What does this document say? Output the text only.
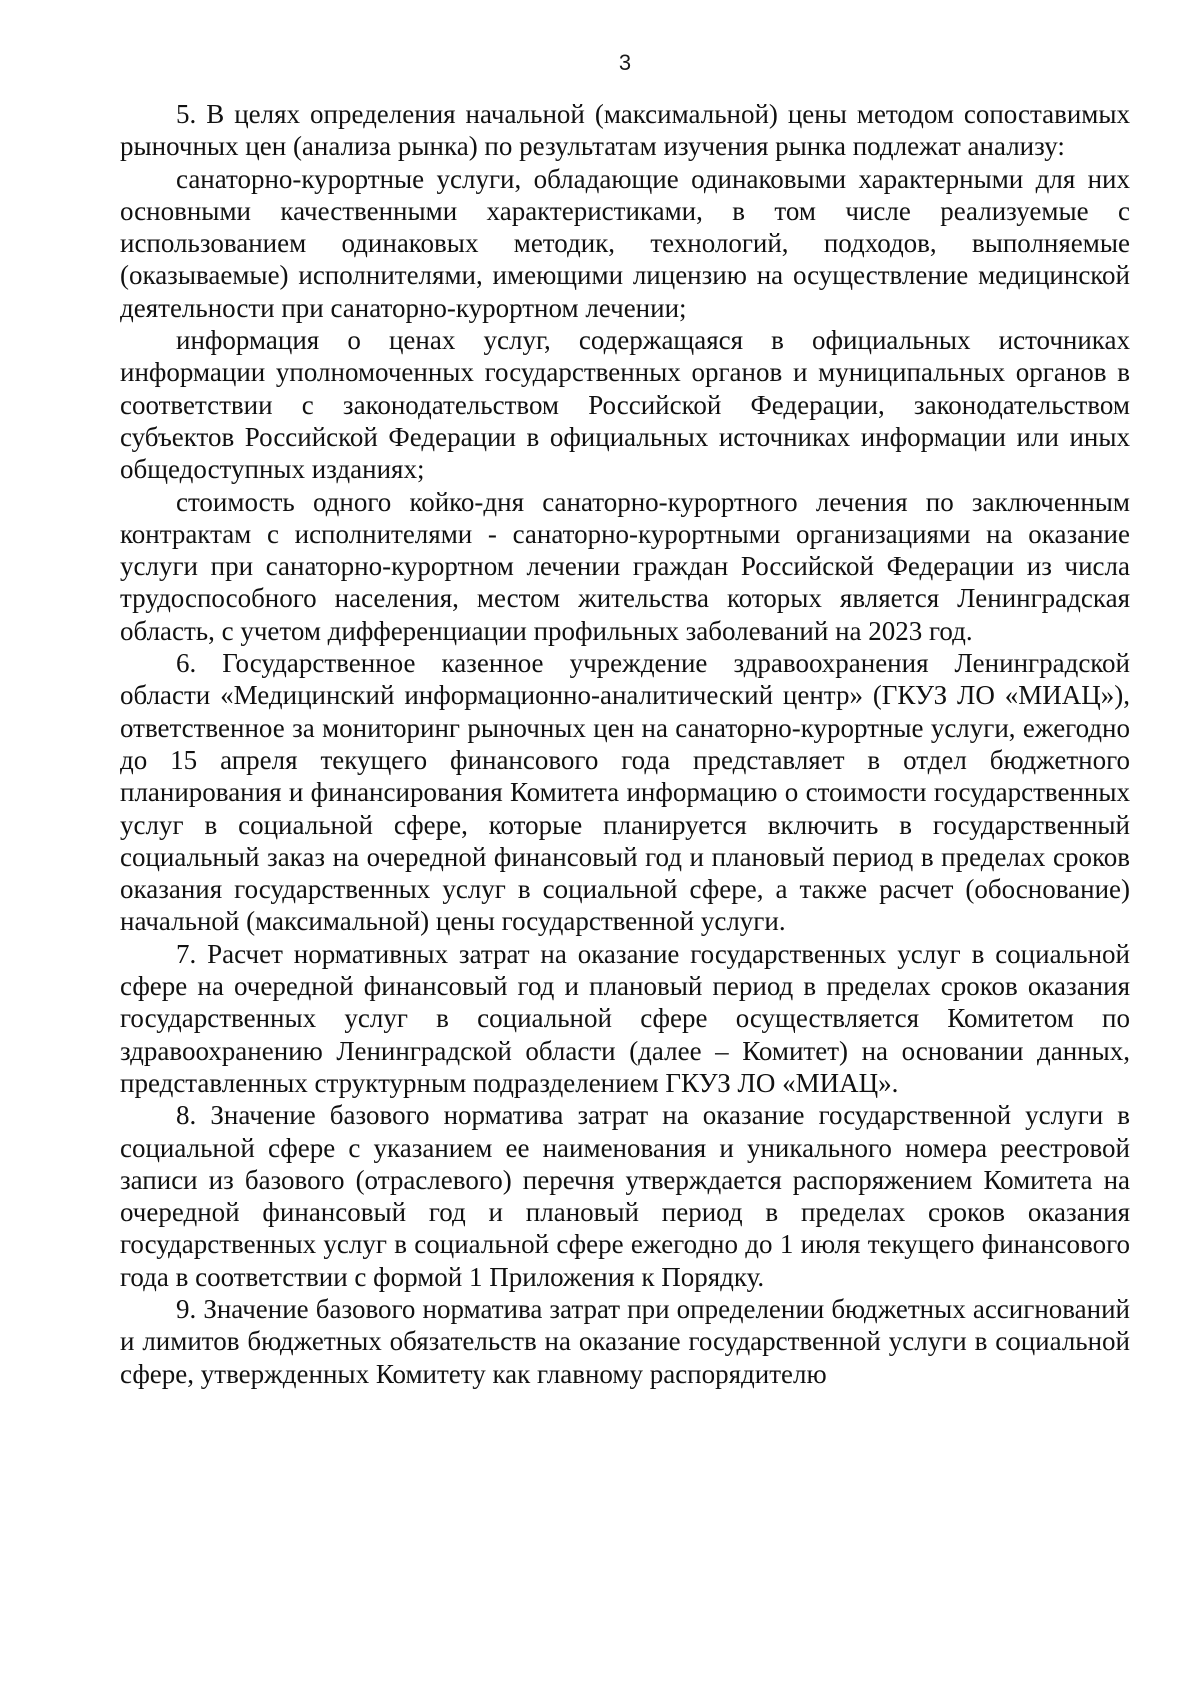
3

5. В целях определения начальной (максимальной) цены методом сопоставимых рыночных цен (анализа рынка) по результатам изучения рынка подлежат анализу:

санаторно-курортные услуги, обладающие одинаковыми характерными для них основными качественными характеристиками, в том числе реализуемые с использованием одинаковых методик, технологий, подходов, выполняемые (оказываемые) исполнителями, имеющими лицензию на осуществление медицинской деятельности при санаторно-курортном лечении;

информация о ценах услуг, содержащаяся в официальных источниках информации уполномоченных государственных органов и муниципальных органов в соответствии с законодательством Российской Федерации, законодательством субъектов Российской Федерации в официальных источниках информации или иных общедоступных изданиях;

стоимость одного койко-дня санаторно-курортного лечения по заключенным контрактам с исполнителями - санаторно-курортными организациями на оказание услуги при санаторно-курортном лечении граждан Российской Федерации из числа трудоспособного населения, местом жительства которых является Ленинградская область, с учетом дифференциации профильных заболеваний на 2023 год.

6. Государственное казенное учреждение здравоохранения Ленинградской области «Медицинский информационно-аналитический центр» (ГКУЗ ЛО «МИАЦ»), ответственное за мониторинг рыночных цен на санаторно-курортные услуги, ежегодно до 15 апреля текущего финансового года представляет в отдел бюджетного планирования и финансирования Комитета информацию о стоимости государственных услуг в социальной сфере, которые планируется включить в государственный социальный заказ на очередной финансовый год и плановый период в пределах сроков оказания государственных услуг в социальной сфере, а также расчет (обоснование) начальной (максимальной) цены государственной услуги.

7. Расчет нормативных затрат на оказание государственных услуг в социальной сфере на очередной финансовый год и плановый период в пределах сроков оказания государственных услуг в социальной сфере осуществляется Комитетом по здравоохранению Ленинградской области (далее – Комитет) на основании данных, представленных структурным подразделением ГКУЗ ЛО «МИАЦ».

8. Значение базового норматива затрат на оказание государственной услуги в социальной сфере с указанием ее наименования и уникального номера реестровой записи из базового (отраслевого) перечня утверждается распоряжением Комитета на очередной финансовый год и плановый период в пределах сроков оказания государственных услуг в социальной сфере ежегодно до 1 июля текущего финансового года в соответствии с формой 1 Приложения к Порядку.

9. Значение базового норматива затрат при определении бюджетных ассигнований и лимитов бюджетных обязательств на оказание государственной услуги в социальной сфере, утвержденных Комитету как главному распорядителю
